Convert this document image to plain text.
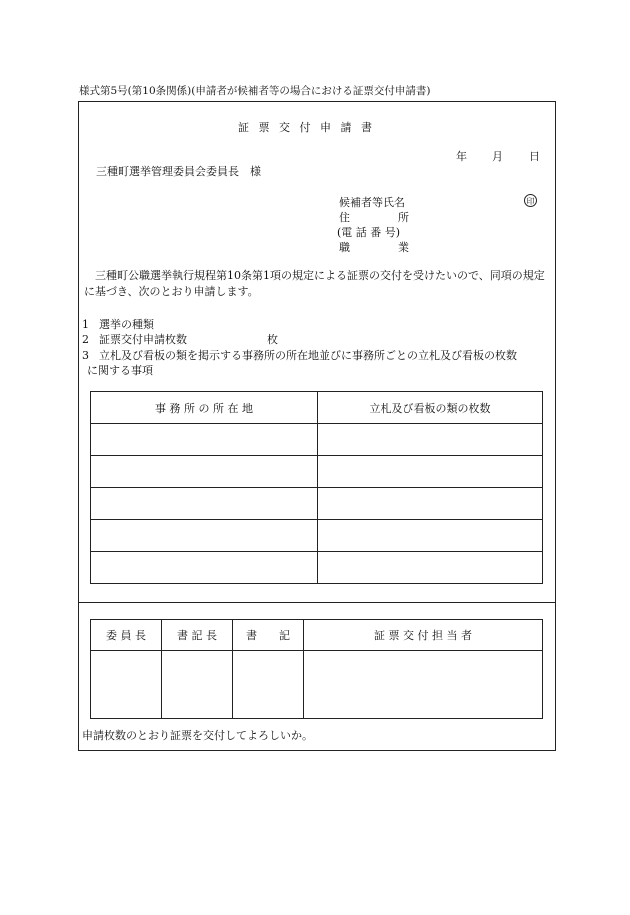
様式第5号(第10条関係)(申請者が候補者等の場合における証票交付申請書)
証 票 交 付 申 請 書
年 月 日
三種町選挙管理委員会委員長　様
候補者等氏名	印
住	所
(電 話 番 号)
職	業
三種町公職選挙執行規程第10条第1項の規定による証票の交付を受けたいので、同項の規定に基づき、次のとおり申請します。
1 選挙の種類
2 証票交付申請枚数	枚
3 立札及び看板の類を掲示する事務所の所在地並びに事務所ごとの立札及び看板の枚数
に関する事項
事 務 所 の 所 在 地	立札及び看板の類の枚数

委 員 長	書 記 長	書　　記	証 票 交 付 担 当 者

申請枚数のとおり証票を交付してよろしいか。
